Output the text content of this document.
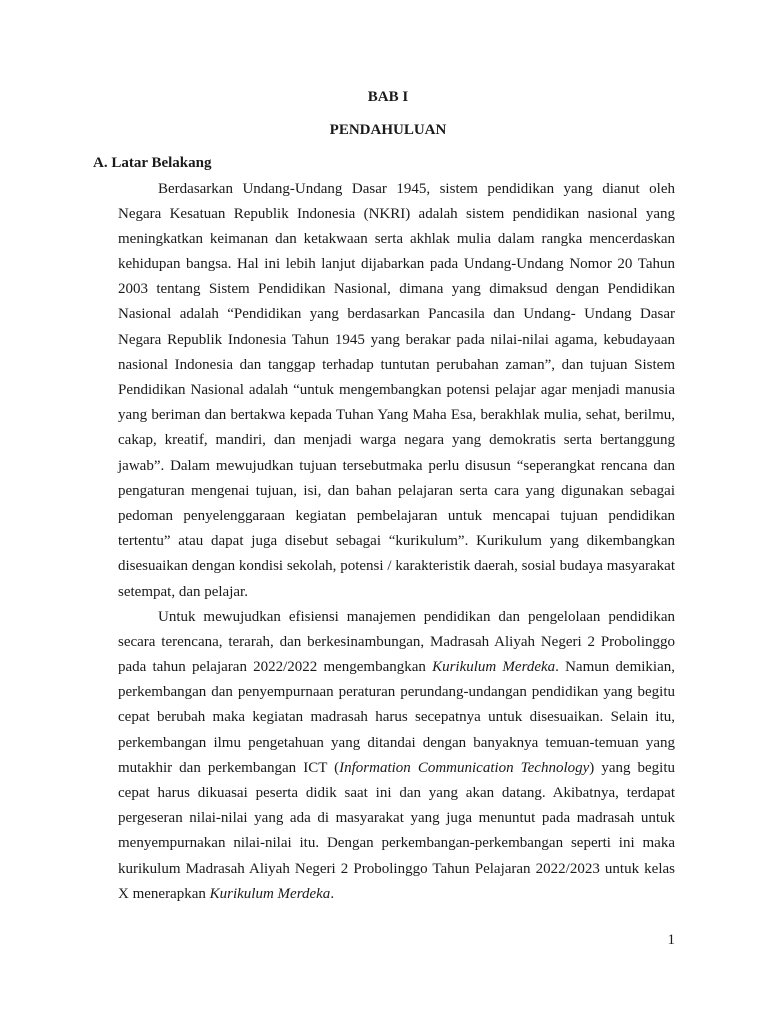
BAB I
PENDAHULUAN
A. Latar Belakang
Berdasarkan Undang-Undang Dasar 1945, sistem pendidikan yang dianut oleh
Negara Kesatuan Republik Indonesia (NKRI) adalah sistem pendidikan nasional yang
meningkatkan keimanan dan ketakwaan serta akhlak mulia dalam rangka mencerdaskan
kehidupan bangsa. Hal ini lebih lanjut dijabarkan pada Undang-Undang Nomor 20 Tahun
2003 tentang Sistem Pendidikan Nasional, dimana yang dimaksud dengan Pendidikan
Nasional adalah “Pendidikan yang berdasarkan Pancasila dan Undang- Undang Dasar
Negara Republik Indonesia Tahun 1945 yang berakar pada nilai-nilai agama, kebudayaan
nasional Indonesia dan tanggap terhadap tuntutan perubahan zaman”, dan tujuan Sistem
Pendidikan Nasional adalah “untuk mengembangkan potensi pelajar agar menjadi manusia
yang beriman dan bertakwa kepada Tuhan Yang Maha Esa, berakhlak mulia, sehat, berilmu,
cakap, kreatif, mandiri, dan menjadi warga negara yang demokratis serta bertanggung
jawab”. Dalam mewujudkan tujuan tersebutmaka perlu disusun “seperangkat rencana dan
pengaturan mengenai tujuan, isi, dan bahan pelajaran serta cara yang digunakan sebagai
pedoman penyelenggaraan kegiatan pembelajaran untuk mencapai tujuan pendidikan
tertentu” atau dapat juga disebut sebagai “kurikulum”. Kurikulum yang dikembangkan
disesuaikan dengan kondisi sekolah, potensi / karakteristik daerah, sosial budaya masyarakat
setempat, dan pelajar.
Untuk mewujudkan efisiensi manajemen pendidikan dan pengelolaan pendidikan
secara terencana, terarah, dan berkesinambungan, Madrasah Aliyah Negeri 2 Probolinggo
pada tahun pelajaran 2022/2022 mengembangkan Kurikulum Merdeka. Namun demikian,
perkembangan dan penyempurnaan peraturan perundang-undangan pendidikan yang begitu
cepat berubah maka kegiatan madrasah harus secepatnya untuk disesuaikan. Selain itu,
perkembangan ilmu pengetahuan yang ditandai dengan banyaknya temuan-temuan yang
mutakhir dan perkembangan ICT (Information Communication Technology) yang begitu
cepat harus dikuasai peserta didik saat ini dan yang akan datang. Akibatnya, terdapat
pergeseran nilai-nilai yang ada di masyarakat yang juga menuntut pada madrasah untuk
menyempurnakan nilai-nilai itu. Dengan perkembangan-perkembangan seperti ini maka
kurikulum Madrasah Aliyah Negeri 2 Probolinggo Tahun Pelajaran 2022/2023 untuk kelas
X menerapkan Kurikulum Merdeka.
1
